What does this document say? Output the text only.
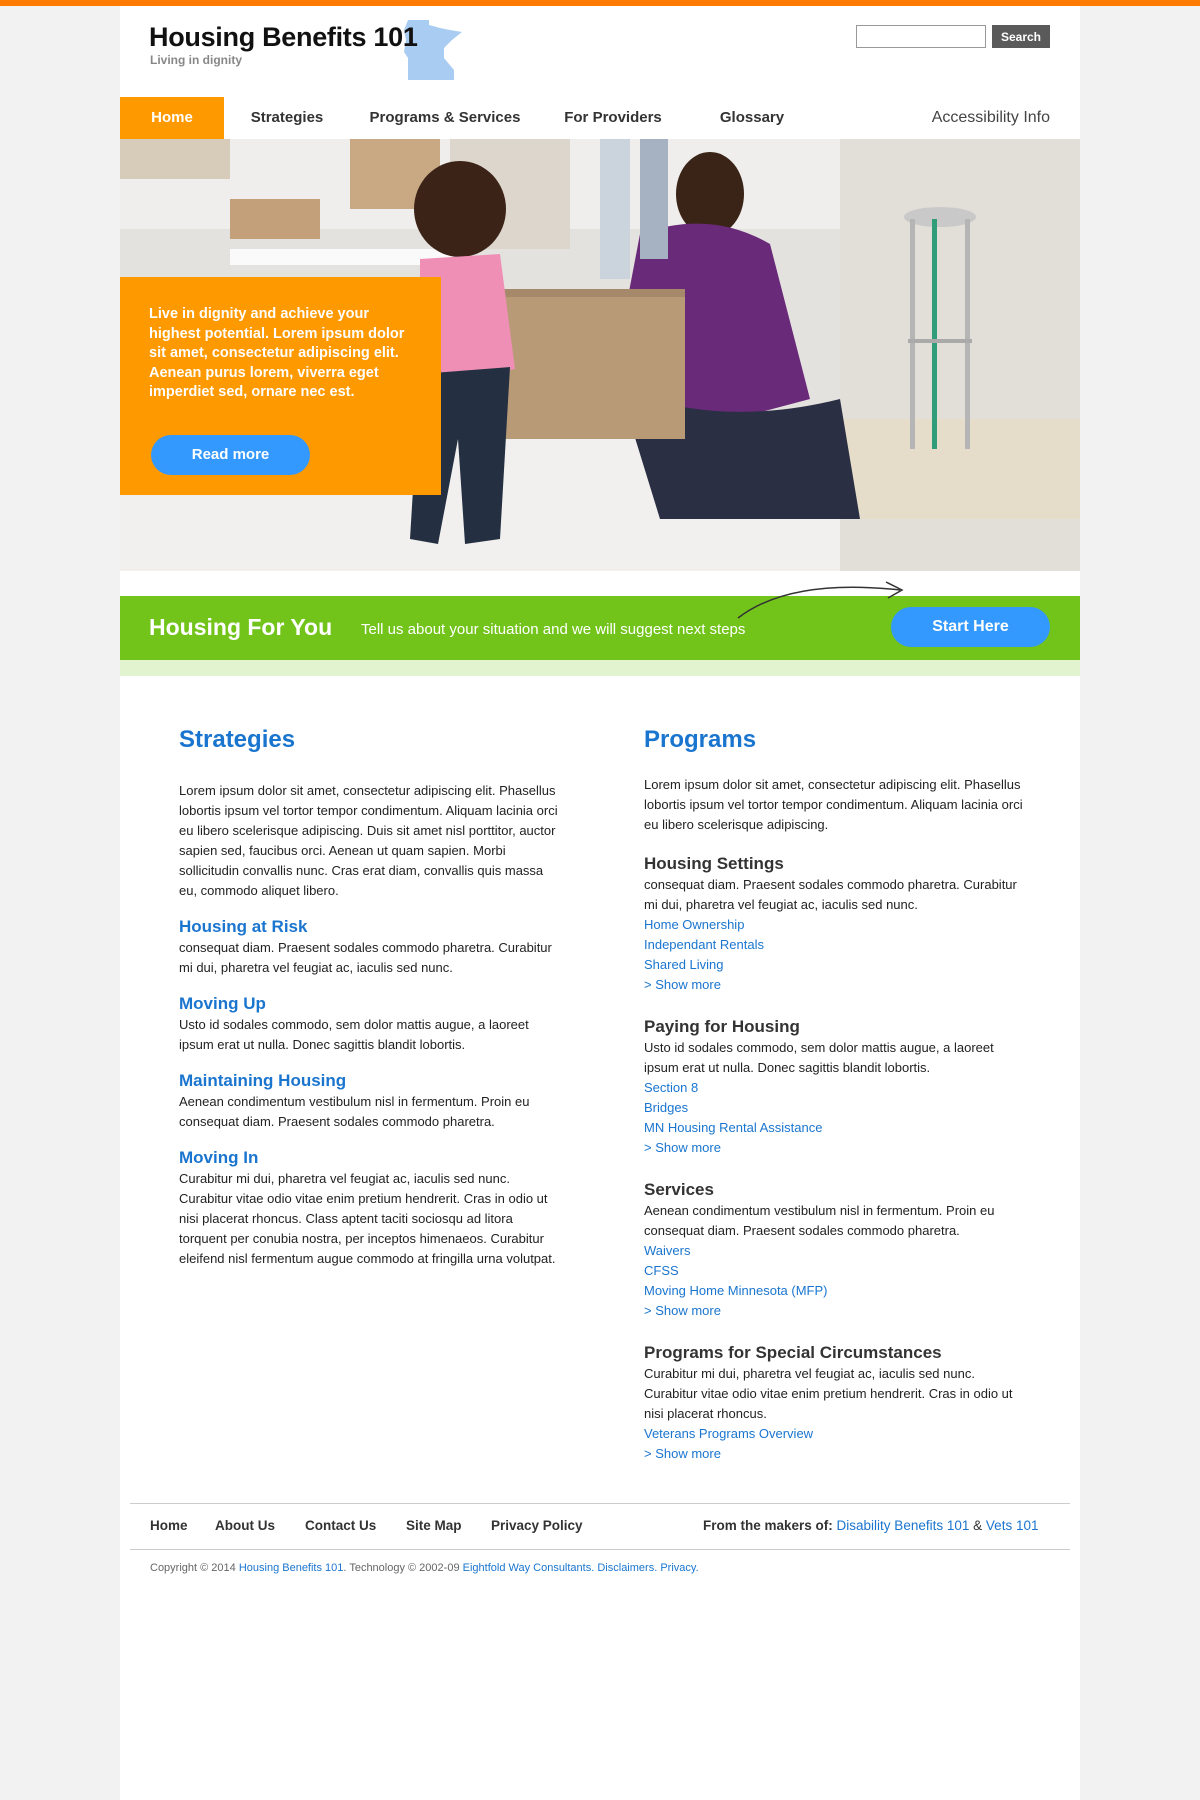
Housing Benefits 101
Living in dignity
Search
Home	Strategies	Programs & Services	For Providers	Glossary	Accessibility Info
Live in dignity and achieve your highest potential. Lorem ipsum dolor sit amet, consectetur adipiscing elit. Aenean purus lorem, viverra eget imperdiet sed, ornare nec est.
Read more
Housing For You Tell us about your situation and we will suggest next steps	Start Here
Strategies
Lorem ipsum dolor sit amet, consectetur adipiscing elit. Phasellus lobortis ipsum vel tortor tempor condimentum. Aliquam lacinia orci eu libero scelerisque adipiscing. Duis sit amet nisl porttitor, auctor sapien sed, faucibus orci. Aenean ut quam sapien. Morbi sollicitudin convallis nunc. Cras erat diam, convallis quis massa eu, commodo aliquet libero.
Housing at Risk
consequat diam. Praesent sodales commodo pharetra. Curabitur mi dui, pharetra vel feugiat ac, iaculis sed nunc.
Moving Up
Usto id sodales commodo, sem dolor mattis augue, a laoreet ipsum erat ut nulla. Donec sagittis blandit lobortis.
Maintaining Housing
Aenean condimentum vestibulum nisl in fermentum. Proin eu consequat diam. Praesent sodales commodo pharetra.
Moving In
Curabitur mi dui, pharetra vel feugiat ac, iaculis sed nunc. Curabitur vitae odio vitae enim pretium hendrerit. Cras in odio ut nisi placerat rhoncus. Class aptent taciti sociosqu ad litora torquent per conubia nostra, per inceptos himenaeos. Curabitur eleifend nisl fermentum augue commodo at fringilla urna volutpat.
Programs
Lorem ipsum dolor sit amet, consectetur adipiscing elit. Phasellus lobortis ipsum vel tortor tempor condimentum. Aliquam lacinia orci eu libero scelerisque adipiscing.
Housing Settings
consequat diam. Praesent sodales commodo pharetra. Curabitur mi dui, pharetra vel feugiat ac, iaculis sed nunc.
Home Ownership
Independant Rentals
Shared Living
> Show more
Paying for Housing
Usto id sodales commodo, sem dolor mattis augue, a laoreet ipsum erat ut nulla. Donec sagittis blandit lobortis.
Section 8
Bridges
MN Housing Rental Assistance
> Show more
Services
Aenean condimentum vestibulum nisl in fermentum. Proin eu consequat diam. Praesent sodales commodo pharetra.
Waivers
CFSS
Moving Home Minnesota (MFP)
> Show more
Programs for Special Circumstances
Curabitur mi dui, pharetra vel feugiat ac, iaculis sed nunc. Curabitur vitae odio vitae enim pretium hendrerit. Cras in odio ut nisi placerat rhoncus.
Veterans Programs Overview
> Show more
Home About Us Contact Us Site Map Privacy Policy	From the makers of: Disability Benefits 101 & Vets 101
Copyright © 2014 Housing Benefits 101. Technology © 2002-09 Eightfold Way Consultants. Disclaimers. Privacy.
